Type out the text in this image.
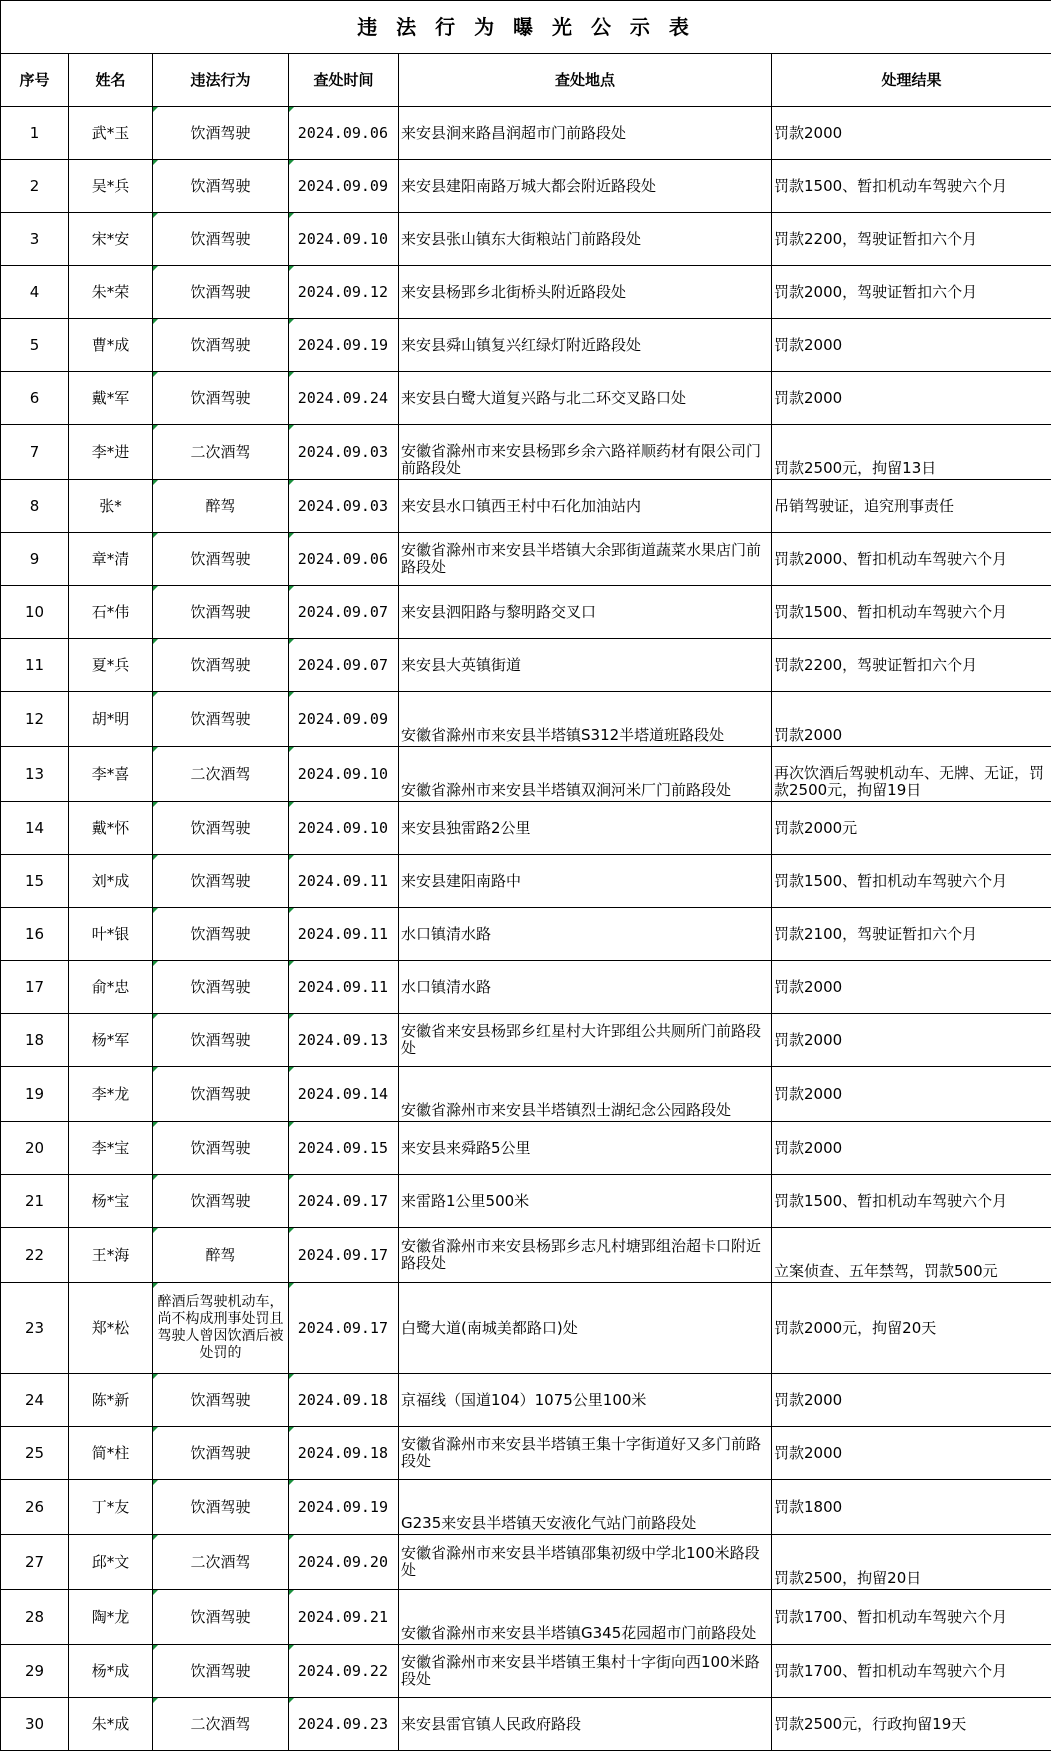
违 法 行 为 曝 光 公 示 表					
序号	姓名	违法行为	查处时间	查处地点	处理结果
1	武*玉	饮酒驾驶	2024.09.06	来安县涧来路昌润超市门前路段处	罚款2000
2	吴*兵	饮酒驾驶	2024.09.09	来安县建阳南路万城大都会附近路段处	罚款1500、暂扣机动车驾驶六个月
3	宋*安	饮酒驾驶	2024.09.10	来安县张山镇东大街粮站门前路段处	罚款2200，驾驶证暂扣六个月
4	朱*荣	饮酒驾驶	2024.09.12	来安县杨郢乡北街桥头附近路段处	罚款2000，驾驶证暂扣六个月
5	曹*成	饮酒驾驶	2024.09.19	来安县舜山镇复兴红绿灯附近路段处	罚款2000
6	戴*军	饮酒驾驶	2024.09.24	来安县白鹭大道复兴路与北二环交叉路口处	罚款2000
7	李*进	二次酒驾	2024.09.03	安徽省滁州市来安县杨郢乡余六路祥顺药材有限公司门前路段处	罚款2500元，拘留13日
8	张*	醉驾	2024.09.03	来安县水口镇西王村中石化加油站内	吊销驾驶证，追究刑事责任
9	章*清	饮酒驾驶	2024.09.06	安徽省滁州市来安县半塔镇大余郢街道蔬菜水果店门前路段处	罚款2000、暂扣机动车驾驶六个月
10	石*伟	饮酒驾驶	2024.09.07	来安县泗阳路与黎明路交叉口	罚款1500、暂扣机动车驾驶六个月
11	夏*兵	饮酒驾驶	2024.09.07	来安县大英镇街道	罚款2200，驾驶证暂扣六个月
12	胡*明	饮酒驾驶	2024.09.09	安徽省滁州市来安县半塔镇S312半塔道班路段处	罚款2000
13	李*喜	二次酒驾	2024.09.10	安徽省滁州市来安县半塔镇双涧河米厂门前路段处	再次饮酒后驾驶机动车、无牌、无证，罚款2500元，拘留19日
14	戴*怀	饮酒驾驶	2024.09.10	来安县独雷路2公里	罚款2000元
15	刘*成	饮酒驾驶	2024.09.11	来安县建阳南路中	罚款1500、暂扣机动车驾驶六个月
16	叶*银	饮酒驾驶	2024.09.11	水口镇清水路	罚款2100，驾驶证暂扣六个月
17	俞*忠	饮酒驾驶	2024.09.11	水口镇清水路	罚款2000
18	杨*军	饮酒驾驶	2024.09.13	安徽省来安县杨郢乡红星村大许郢组公共厕所门前路段处	罚款2000
19	李*龙	饮酒驾驶	2024.09.14	安徽省滁州市来安县半塔镇烈士湖纪念公园路段处	罚款2000
20	李*宝	饮酒驾驶	2024.09.15	来安县来舜路5公里	罚款2000
21	杨*宝	饮酒驾驶	2024.09.17	来雷路1公里500米	罚款1500、暂扣机动车驾驶六个月
22	王*海	醉驾	2024.09.17	安徽省滁州市来安县杨郢乡志凡村塘郢组治超卡口附近路段处	立案侦查、五年禁驾，罚款500元
23	郑*松	醉酒后驾驶机动车，尚不构成刑事处罚且驾驶人曾因饮酒后被处罚的	2024.09.17	白鹭大道(南城美都路口)处	罚款2000元，拘留20天
24	陈*新	饮酒驾驶	2024.09.18	京福线（国道104）1075公里100米	罚款2000
25	简*柱	饮酒驾驶	2024.09.18	安徽省滁州市来安县半塔镇王集十字街道好又多门前路段处	罚款2000
26	丁*友	饮酒驾驶	2024.09.19	G235来安县半塔镇天安液化气站门前路段处	罚款1800
27	邱*文	二次酒驾	2024.09.20	安徽省滁州市来安县半塔镇邵集初级中学北100米路段处	罚款2500，拘留20日
28	陶*龙	饮酒驾驶	2024.09.21	安徽省滁州市来安县半塔镇G345花园超市门前路段处	罚款1700、暂扣机动车驾驶六个月
29	杨*成	饮酒驾驶	2024.09.22	安徽省滁州市来安县半塔镇王集村十字街向西100米路段处	罚款1700、暂扣机动车驾驶六个月
30	朱*成	二次酒驾	2024.09.23	来安县雷官镇人民政府路段	罚款2500元，行政拘留19天
